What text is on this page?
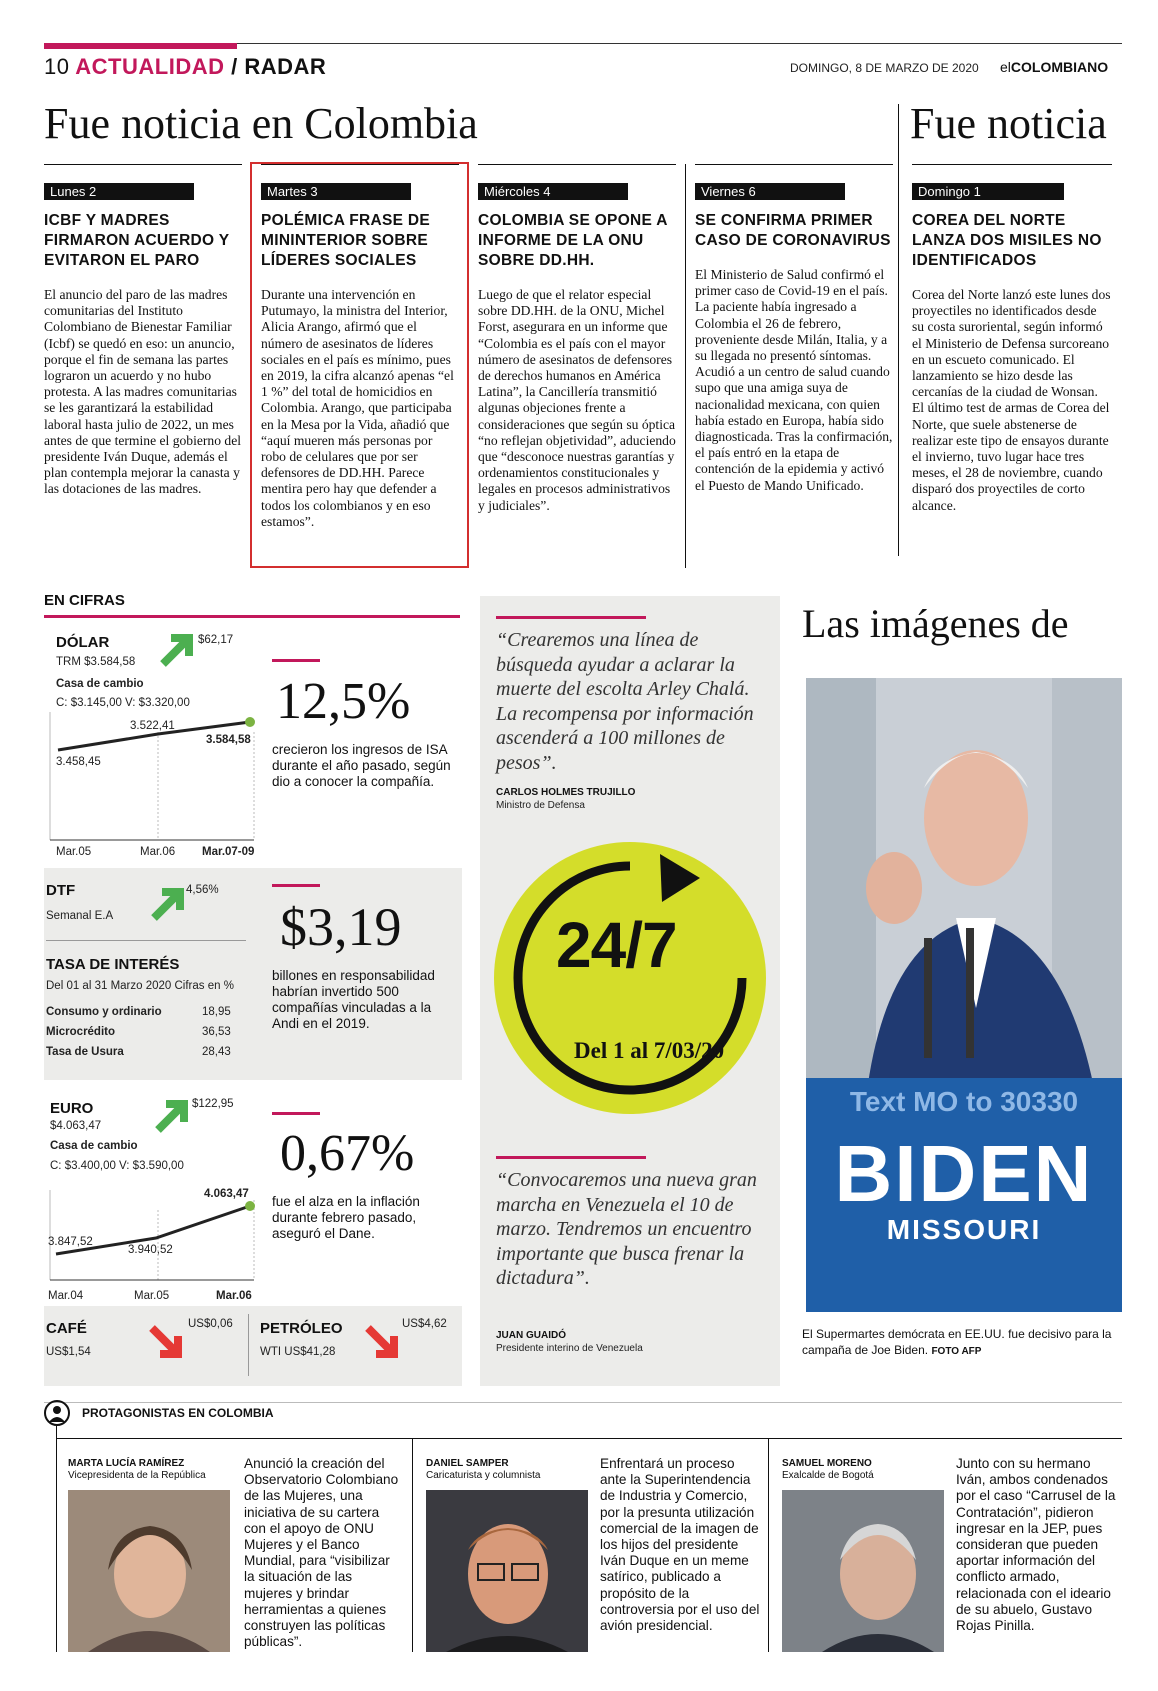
10 ACTUALIDAD / RADAR	DOMINGO, 8 DE MARZO DE 2020 elCOLOMBIANO
Fue noticia en Colombia	Fue noticia
Lunes 2
ICBF Y MADRES FIRMARON ACUERDO Y EVITARON EL PARO

El anuncio del paro de las madres comunitarias del Instituto Colombiano de Bienestar Familiar (Icbf) se quedó en eso: un anuncio, porque el fin de semana las partes lograron un acuerdo y no hubo protesta. A las madres comunitarias se les garantizará la estabilidad laboral hasta julio de 2022, un mes antes de que termine el gobierno del presidente Iván Duque, además el plan contempla mejorar la canasta y las dotaciones de las madres.

Martes 3
POLÉMICA FRASE DE MININTERIOR SOBRE LÍDERES SOCIALES

Durante una intervención en Putumayo, la ministra del Interior, Alicia Arango, afirmó que el número de asesinatos de líderes sociales en el país es mínimo, pues en 2019, la cifra alcanzó apenas “el 1 %” del total de homicidios en Colombia. Arango, que participaba en la Mesa por la Vida, añadió que “aquí mueren más personas por robo de celulares que por ser defensores de DD.HH. Parece mentira pero hay que defender a todos los colombianos y en eso estamos”.

Miércoles 4
COLOMBIA SE OPONE A INFORME DE LA ONU SOBRE DD.HH.

Luego de que el relator especial sobre DD.HH. de la ONU, Michel Forst, asegurara en un informe que “Colombia es el país con el mayor número de asesinatos de defensores de derechos humanos en América Latina”, la Cancillería transmitió algunas objeciones frente a consideraciones que según su óptica “no reflejan objetividad”, aduciendo que “desconoce nuestras garantías y ordenamientos constitucionales y legales en procesos administrativos y judiciales”.

Viernes 6
SE CONFIRMA PRIMER CASO DE CORONAVIRUS

El Ministerio de Salud confirmó el primer caso de Covid-19 en el país. La paciente había ingresado a Colombia el 26 de febrero, proveniente desde Milán, Italia, y a su llegada no presentó síntomas. Acudió a un centro de salud cuando supo que una amiga suya de nacionalidad mexicana, con quien había estado en Europa, había sido diagnosticada. Tras la confirmación, el país entró en la etapa de contención de la epidemia y activó el Puesto de Mando Unificado.

Domingo 1
COREA DEL NORTE LANZA DOS MISILES NO IDENTIFICADOS

Corea del Norte lanzó este lunes dos proyectiles no identificados desde su costa suroriental, según informó el Ministerio de Defensa surcoreano en un escueto comunicado. El lanzamiento se hizo desde las cercanías de la ciudad de Wonsan. El último test de armas de Corea del Norte, que suele abstenerse de realizar este tipo de ensayos durante el invierno, tuvo lugar hace tres meses, el 28 de noviembre, cuando disparó dos proyectiles de corto alcance.

EN CIFRAS
DÓLAR
TRM $3.584,58
Casa de cambio
C: $3.145,00 V: $3.320,00
$62,17
3.458,45
3.522,41
3.584,58
Mar.05	Mar.06 Mar.07-09
12,5%
crecieron los ingresos de ISA durante el año pasado, según dio a conocer la compañía.
DTF
Semanal E.A
4,56%
TASA DE INTERÉS
Del 01 al 31 Marzo 2020 Cifras en %
Consumo y ordinario	18,95
Microcrédito	36,53
Tasa de Usura	28,43
$3,19
billones en responsabilidad habrían invertido 500 compañías vinculadas a la Andi en el 2019.
EURO
$4.063,47
Casa de cambio
C: $3.400,00 V: $3.590,00
$122,95
3.847,52
3.940,52
4.063,47
Mar.04	Mar.05	Mar.06
0,67%
fue el alza en la inflación durante febrero pasado, aseguró el Dane.
CAFÉ
US$1,54
US$0,06 PETRÓLEO
WTI US$41,28
US$4,62
“Crearemos una línea de búsqueda ayudar a aclarar la muerte del escolta Arley Chalá. La recompensa por información ascenderá a 100 millones de pesos”.
CARLOS HOLMES TRUJILLO
Ministro de Defensa
24/7
Del 1 al 7/03/20
“Convocaremos una nueva gran marcha en Venezuela el 10 de marzo. Tendremos un encuentro importante que busca frenar la dictadura”.
JUAN GUAIDÓ
Presidente interino de Venezuela
Las imágenes de
Text MO to 30330
BIDEN
MISSOURI
El Supermartes demócrata en EE.UU. fue decisivo para la campaña de Joe Biden. FOTO AFP
PROTAGONISTAS EN COLOMBIA
MARTA LUCÍA RAMÍREZ
Vicepresidenta de la República
Anunció la creación del Observatorio Colombiano de las Mujeres, una iniciativa de su cartera con el apoyo de ONU Mujeres y el Banco Mundial, para “visibilizar la situación de las mujeres y brindar herramientas a quienes construyen las políticas públicas”.
DANIEL SAMPER
Caricaturista y columnista
Enfrentará un proceso ante la Superintendencia de Industria y Comercio, por la presunta utilización comercial de la imagen de los hijos del presidente Iván Duque en un meme satírico, publicado a propósito de la controversia por el uso del avión presidencial.
SAMUEL MORENO
Exalcalde de Bogotá
Junto con su hermano Iván, ambos condenados por el caso “Carrusel de la Contratación”, pidieron ingresar en la JEP, pues consideran que pueden aportar información del conflicto armado, relacionada con el ideario de su abuelo, Gustavo Rojas Pinilla.
